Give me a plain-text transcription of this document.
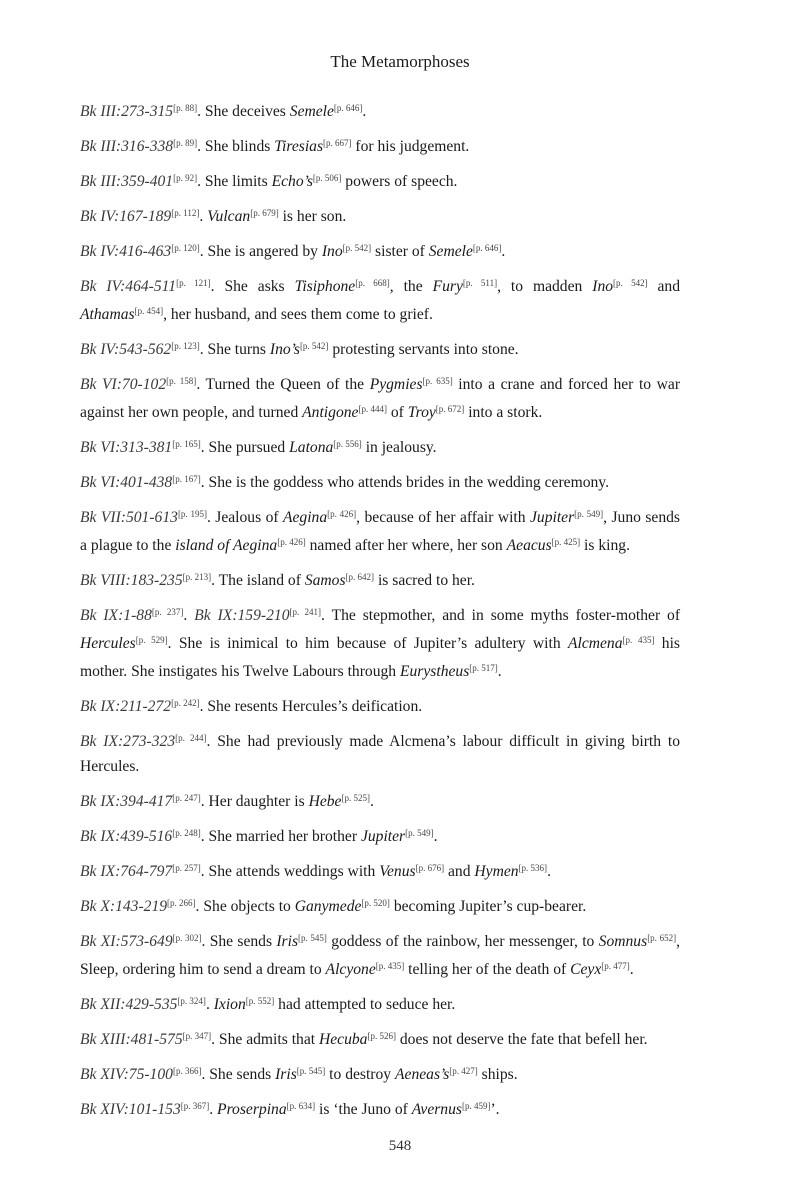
The Metamorphoses

Bk III:273-315[p. 88]. She deceives Semele[p. 646].

Bk III:316-338[p. 89]. She blinds Tiresias[p. 667] for his judgement.

Bk III:359-401[p. 92]. She limits Echo’s[p. 506] powers of speech.

Bk IV:167-189[p. 112]. Vulcan[p. 679] is her son.

Bk IV:416-463[p. 120]. She is angered by Ino[p. 542] sister of Semele[p. 646].

Bk IV:464-511[p. 121]. She asks Tisiphone[p. 668], the Fury[p. 511], to madden Ino[p. 542] and Athamas[p. 454], her husband, and sees them come to grief.

Bk IV:543-562[p. 123]. She turns Ino’s[p. 542] protesting servants into stone.

Bk VI:70-102[p. 158]. Turned the Queen of the Pygmies[p. 635] into a crane and forced her to war against her own people, and turned Antigone[p. 444] of Troy[p. 672] into a stork.

Bk VI:313-381[p. 165]. She pursued Latona[p. 556] in jealousy.

Bk VI:401-438[p. 167]. She is the goddess who attends brides in the wedding ceremony.

Bk VII:501-613[p. 195]. Jealous of Aegina[p. 426], because of her affair with Jupiter[p. 549], Juno sends a plague to the island of Aegina[p. 426] named after her where, her son Aeacus[p. 425] is king.

Bk VIII:183-235[p. 213]. The island of Samos[p. 642] is sacred to her.

Bk IX:1-88[p. 237]. Bk IX:159-210[p. 241]. The stepmother, and in some myths foster-mother of Hercules[p. 529]. She is inimical to him because of Jupiter’s adultery with Alcmena[p. 435] his mother. She instigates his Twelve Labours through Eurystheus[p. 517].

Bk IX:211-272[p. 242]. She resents Hercules’s deification.

Bk IX:273-323[p. 244]. She had previously made Alcmena’s labour difficult in giving birth to Hercules.

Bk IX:394-417[p. 247]. Her daughter is Hebe[p. 525].

Bk IX:439-516[p. 248]. She married her brother Jupiter[p. 549].

Bk IX:764-797[p. 257]. She attends weddings with Venus[p. 676] and Hymen[p. 536].

Bk X:143-219[p. 266]. She objects to Ganymede[p. 520] becoming Jupiter’s cup-bearer.

Bk XI:573-649[p. 302]. She sends Iris[p. 545] goddess of the rainbow, her messenger, to Somnus[p. 652], Sleep, ordering him to send a dream to Alcyone[p. 435] telling her of the death of Ceyx[p. 477].

Bk XII:429-535[p. 324]. Ixion[p. 552] had attempted to seduce her.

Bk XIII:481-575[p. 347]. She admits that Hecuba[p. 526] does not deserve the fate that befell her.

Bk XIV:75-100[p. 366]. She sends Iris[p. 545] to destroy Aeneas’s[p. 427] ships.

Bk XIV:101-153[p. 367]. Proserpina[p. 634] is ‘the Juno of Avernus[p. 459]’.

548
